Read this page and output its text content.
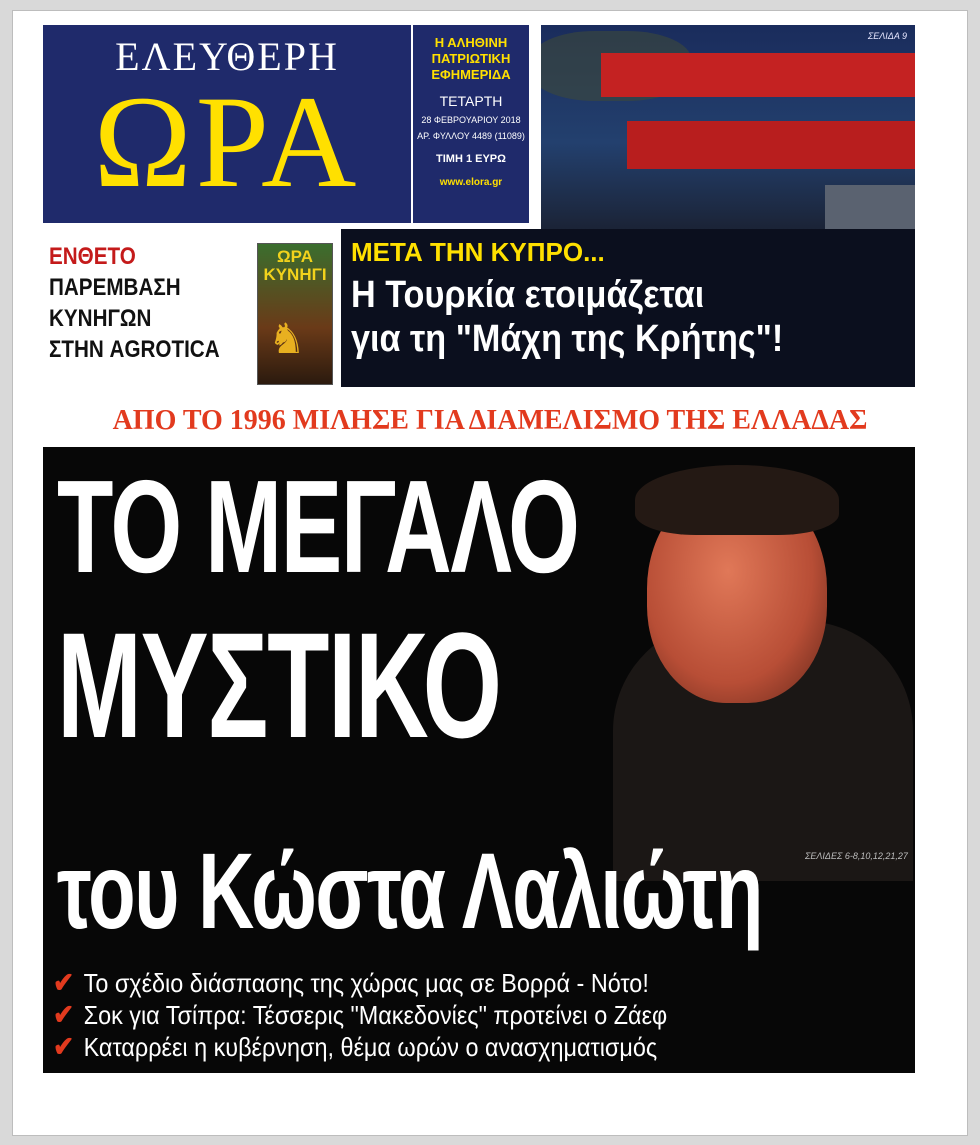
ΕΛΕΥΘΕΡΗ
ΩΡΑ
Η ΑΛΗΘΙΝΗ
ΠΑΤΡΙΩΤΙΚΗ
ΕΦΗΜΕΡΙΔΑ
ΤΕΤΑΡΤΗ
28 ΦΕΒΡΟΥΑΡΙΟΥ 2018
ΑΡ. ΦΥΛΛΟΥ 4489 (11089)
ΤΙΜΗ 1 ΕΥΡΩ
www.elora.gr
ΣΕΛΙΔΑ 9
ΕΝΘΕΤΟ
ΠΑΡΕΜΒΑΣΗ
ΚΥΝΗΓΩΝ
ΣΤΗΝ AGROTICA
ΩΡΑ
ΚΥΝΗΓΙ
♞
ΜΕΤΑ ΤΗΝ ΚΥΠΡΟ...
Η Τουρκία ετοιμάζεται
για τη "Μάχη της Κρήτης"!
ΑΠΟ ΤΟ 1996 ΜΙΛΗΣΕ ΓΙΑ ΔΙΑΜΕΛΙΣΜΟ ΤΗΣ ΕΛΛΑΔΑΣ
ΤΟ ΜΕΓΑΛΟ
ΜΥΣΤΙΚΟ
του Κώστα Λαλιώτη	ΣΕΛΙΔΕΣ 6-8,10,12,21,27
✔ Το σχέδιο διάσπασης της χώρας μας σε Βορρά - Νότο!
✔ Σοκ για Τσίπρα: Τέσσερις "Μακεδονίες" προτείνει ο Ζάεφ
✔ Καταρρέει η κυβέρνηση, θέμα ωρών ο ανασχηματισμός
